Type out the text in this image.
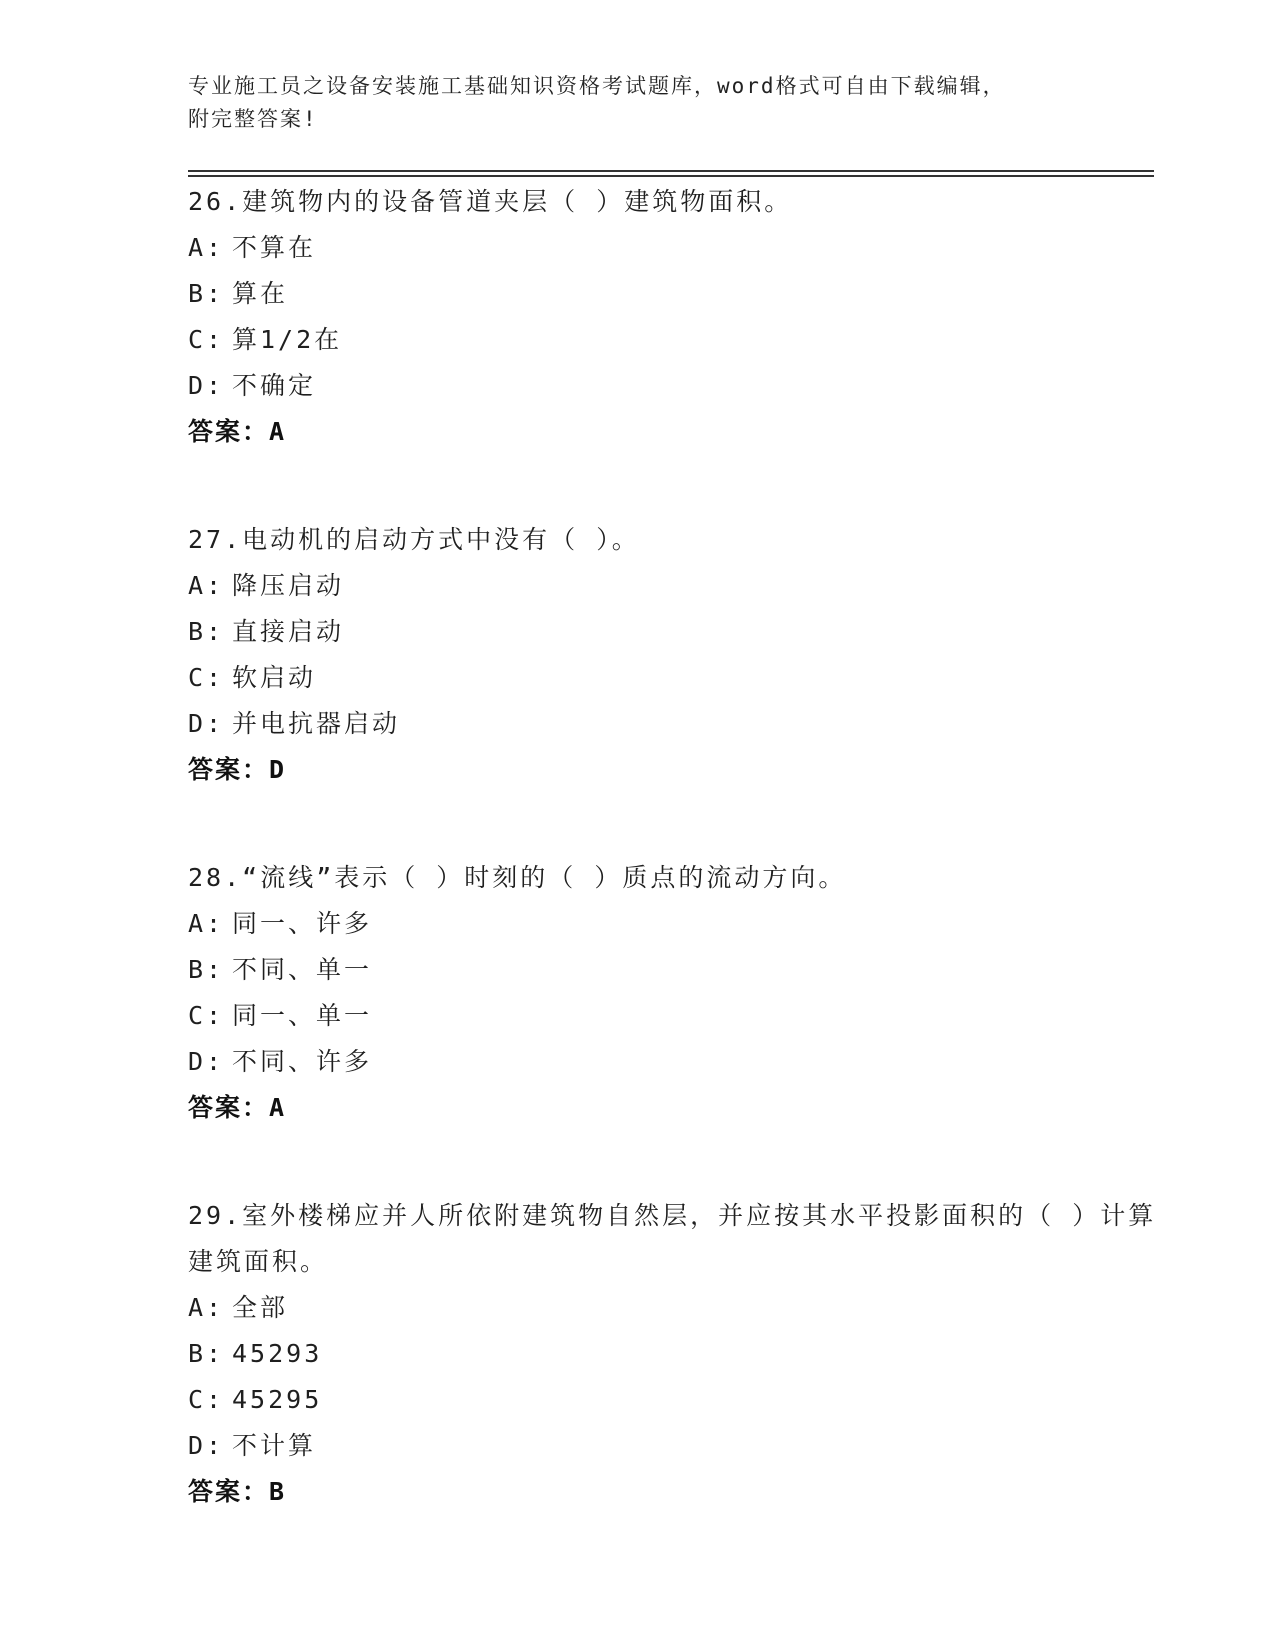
专业施工员之设备安装施工基础知识资格考试题库，word格式可自由下载编辑，
附完整答案!
26.建筑物内的设备管道夹层（ ）建筑物面积。
A: 不算在
B: 算在
C: 算1/2在
D: 不确定
答案：A
27.电动机的启动方式中没有（ ）。
A: 降压启动
B: 直接启动
C: 软启动
D: 并电抗器启动
答案：D
28.“流线”表示（ ）时刻的（ ）质点的流动方向。
A: 同一、许多
B: 不同、单一
C: 同一、单一
D: 不同、许多
答案：A
29.室外楼梯应并人所依附建筑物自然层，并应按其水平投影面积的（ ）计算建筑面积。
A: 全部
B: 45293
C: 45295
D: 不计算
答案：B
